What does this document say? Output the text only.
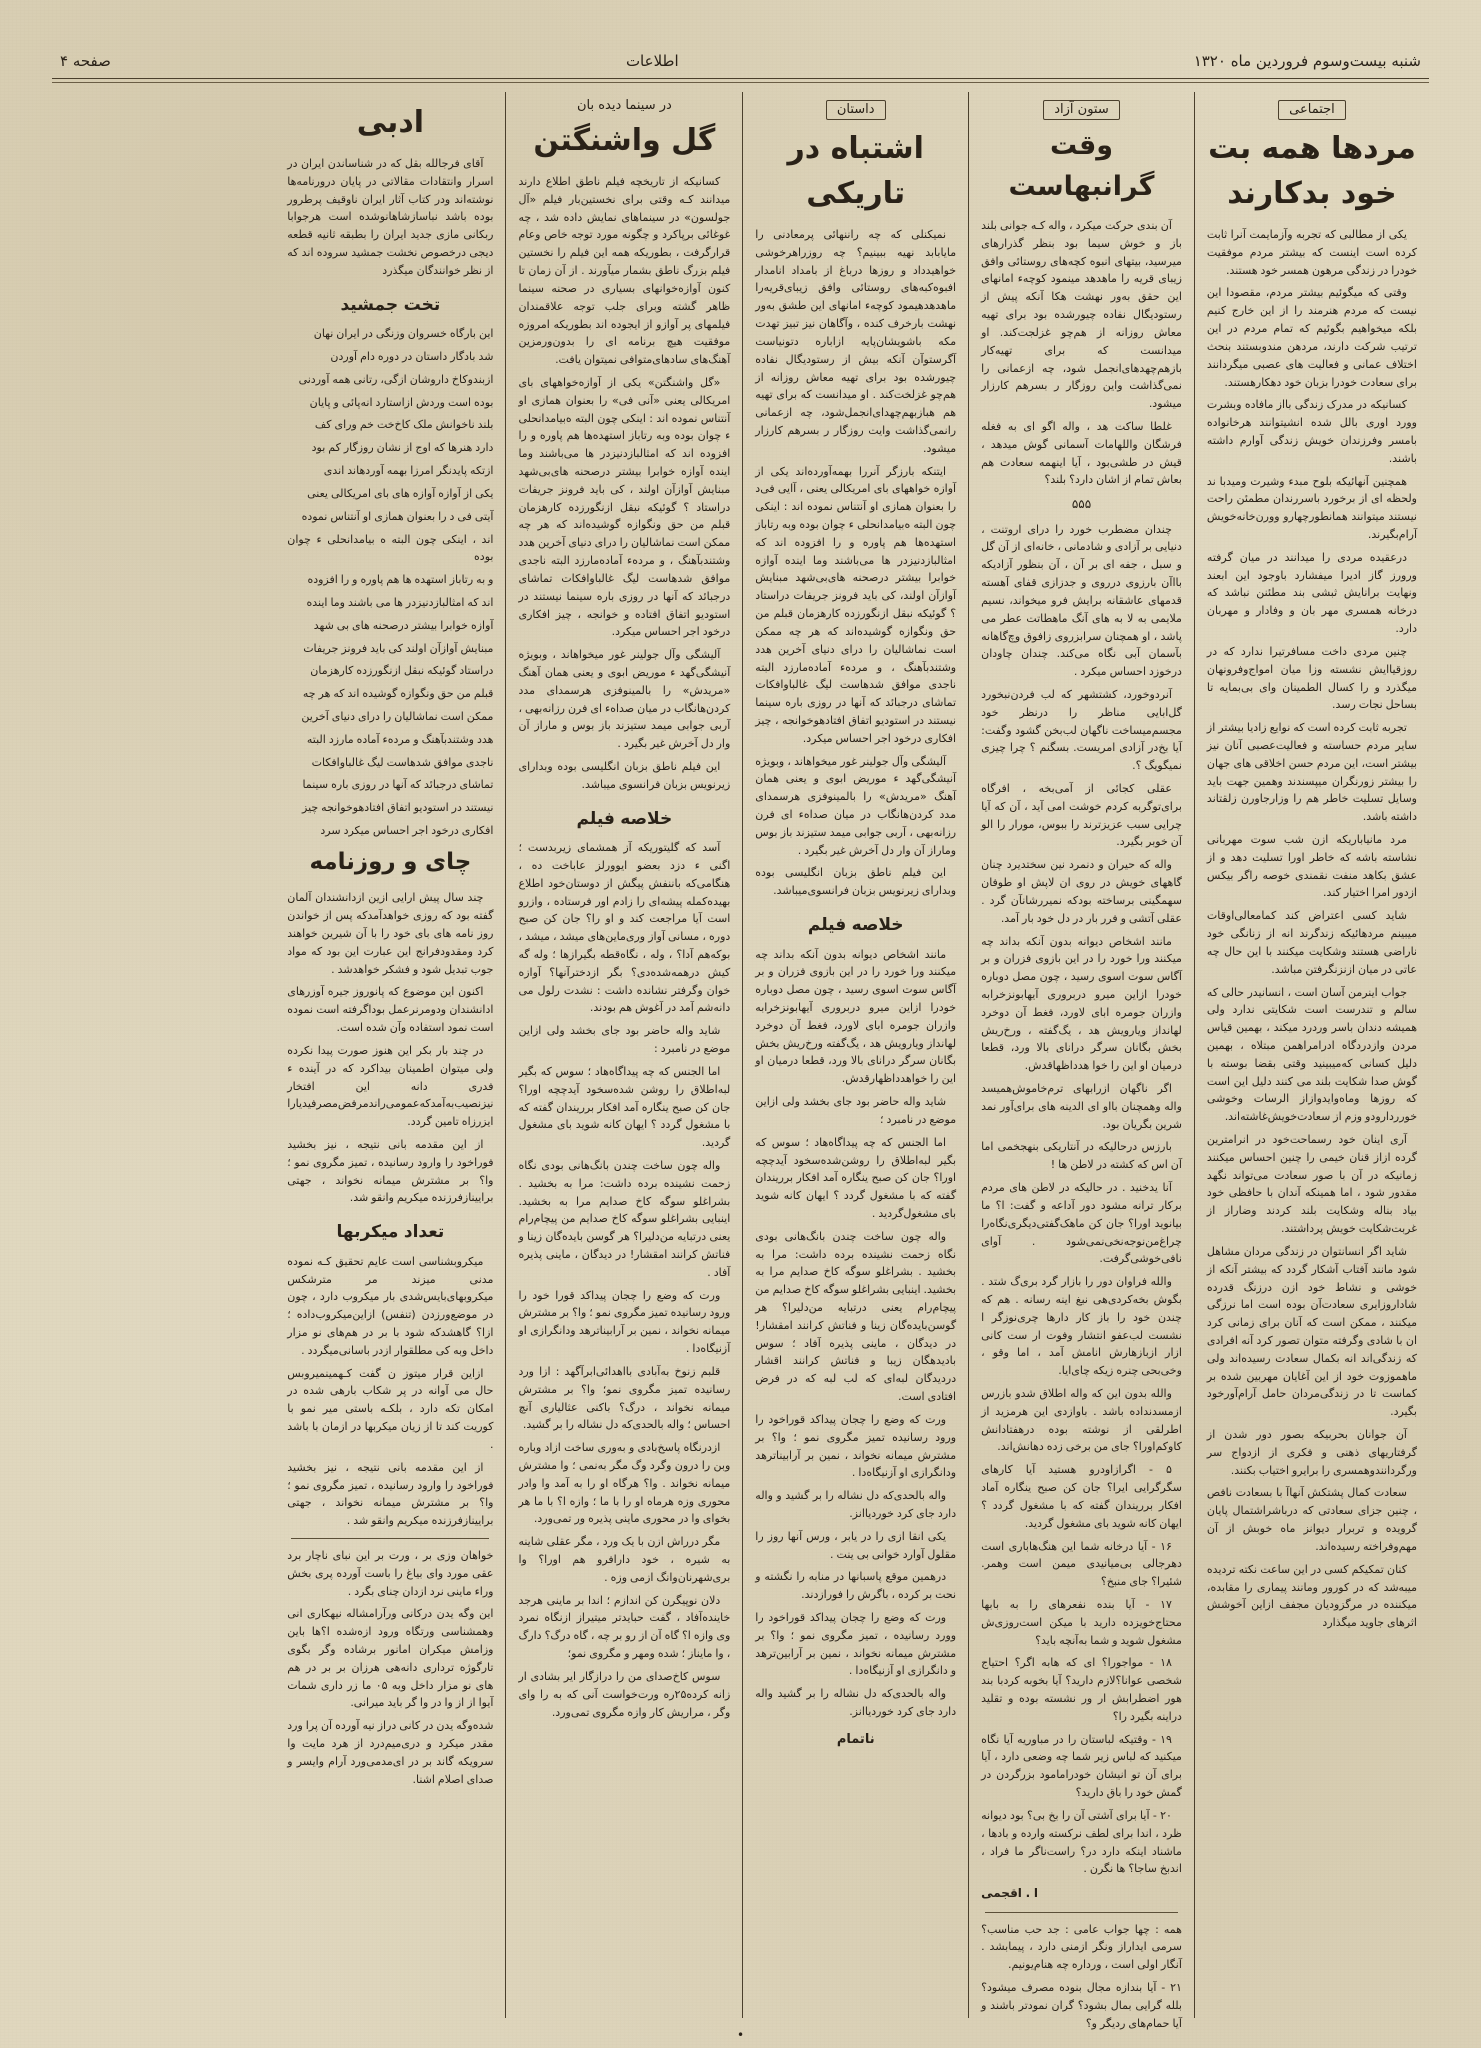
شنبه بیست‌وسوم فروردین ماه ۱۳۲۰
اطلاعات
صفحه ۴
اجتماعی
مردها همه بت خود بدکارند

یکی از مطالبی که تجربه وآزمایمت آنرا ثابت کرده است اینست که بیشتر مردم موفقیت خودرا در زندگی مرهون همسر خود هستند.

وقتی که میگوئیم بیشتر مردم، مقصودا این نیست که مردم هنرمند را از این خارج کنیم بلکه میخواهیم بگوئیم که تمام مردم در این ترتیب شرکت دارند، مردهن مندوبستند بنحث اختلاف عمانی و فعالیت های عصبی میگردانند برای سعادت خودرا بزبان خود دهکارهستند.

کسانیکه در مدرک زندگی بااز مافاده وبشرت وورد اوری بالل شده انشیتوانند هرخانواده بامسر وفرزندان خویش زندگی آوارم داشته باشند.

همچنین آنهائیکه بلوح مبدء وشیرت ومیدبا ند ولحظه ای از برخورد باسررندان مطمئن راحت نیستند میتوانند همانطورچهارو وورن‌خانه‌خویش آرام‌بگیرند.

درعقیده مردی را میدانند در میان گرفته ورورز گاز ادیرا میفشارد باوجود این ابعند ونهایت برانایش ثبشی بند مطئنن نباشد که درخانه همسری مهر بان و وفادار و مهربان دارد.

چنین مردی داخت مسافرتیرا ندارد که در روزقیاایش نشسته وزا میان امواج‌وفرونهان میگذرد و را کسال الطمینان وای بی‌بمایه تا بساحل نجات رسد.

تجربه ثابت کرده است که نوایع زادیا بیشتر از سایر مردم حساسته و فعالیت‌عصبی آنان نیز بیشتر است، این مردم حسن اخلاقی های جهان را بیشتر زورنگران میپسندند وهمین جهت باید وسایل تسلیت خاطر هم را وزارجاورن زلقتاند داشته باشد.

مرد مانیاباریکه ازن شب سوت مهربانی نشاسته باشه که خاطر اورا تسلیت دهد و از عشق بکاهد منفت نقمندی خوصه راگر بیکس ازدور امرا اختیار کند.

شاید کسی اعتراض کند کمامعالی‌اوقات میبینم مردهائیکه زندگرند انه از زنانگی خود ناراضی هستند وشکایت میکنند با این حال چه عاتی در میان ازنزنگرفتن مباشد.

جواب اینرمن آسان است ، انسانیدر حالی که سالم و تندرست است شکایتی ندارد ولی همیشه دندان باسر وردرد میکند ، بهمین قیاس مردن وازدردگاه ادرامراهمن مبتلاه ، بهمین دلیل کسانی که‌میبینید وقتی بقضا بوسته با گوش صدا شکایت بلند می کنند دلیل این است که روزها وماه‌وایدوازاز الرسات وخوشی خورردارودو وزم از سعادت‌خویش‌غاشته‌اند.

آری اینان خود رسماحت‌خود در انرامترین گرده ازاز قنان خیمی را چنین احساس میکنند زمانیکه در آن با صور سعادت می‌تواند نگهد مقدور شود ، اما همینکه آندان با حافظی خود بیاد بناله وشکایت بلند کردند وضاراز از غربت‌شکایت خویش پرداشتند.

شاید اگر انسانتوان در زندگی مردان مشاهل شود مانند آفتاب آشکار گردد که بیشتر آنکه از خوشی و نشاط خود ازن درزنگ قدرده شاداروزایری سعادت‌آن بوده است اما نرزگی میکنند ، ممکن است که آنان برای زمانی کرد ان با شادی وگرفته متوان تصور کرد آنه افرادی که زندگی‌اند انه بکمال سعادت رسیده‌اند ولی ماهموزوت خود از این آغایان مهربین شده بر کماست تا در زندگی‌مردان حامل آرام‌آورخود بگیرد.

آن جوانان بحربیکه بصور دور شدن از گرفتاریهای ذهنی و فکری از ازدواج سر ورگردانندوهمسری را برایرو اختیاب بکنند.

سعادت کمال پشتکش آنهاآ با بسعادت نافص ، چنین جزای سعادتی که درباشراشتمال پایان گرویده و تربرار دیوانز ماه خوبش از آن مهم‌وفراخته رسیده‌اند.

کنان تمکیکم کسی در این ساعت نکته تردیده میبه‌شد که در کورور ومانند پیماری را مقابده، میکننده در مرگزودیان مجفف ازاین آخوشش اثرهای جاوید میگذارد

ستون آزاد
وقت گرانبهاست

آن بندی حرکت میکرد ، واله کـه جوانی بلند باز و خوش سیما بود بنظر گذرارهای میرسید، بیتهای انبوه کچه‌های روستائی وافق زیبای قریه را ماهدهد مینمود کوچهء امانهای این حقق به‌ور نهشت هکا آنکه پیش از رستودیگال نفاده چیورشده بود برای تهیه معاش روزانه از هم‌چو غزلجت‌کند. او میدانست که برای تهیه‌کار بازهم‌چهدهای‌انجمل شود، چه ازعمانی را نمی‌گذاشت واین روزگار ر بسرهم کارزار میشود.

غلطا ساکت هد ، واله اگو ای به فغله فرشگان واللهامات آسمانی گوش میدهد ، قیش در طشی‌بود ، آیا اینهمه سعادت هم بعاش تمام از اشان دارد؟ بلند؟

۵۵۵

چندان مضطرب خورد را درای اروتنت ، دنیایی بر آزادی و شادمانی ، خانه‌ای از آن گل و سبل ، جفه ای بر آن ، آن بنظور آزادیکه بااآن بارزوی درروی و جدزازی قفای آهسته قدمهای عاشقانه برایش فرو میخواند، نسیم ملایمی به لا به های آنگ ماهطاتت عطر می پاشد ، او همچنان سرابزروی زافوق وچ‌گاهانه بآسمان آبی نگاه می‌کند. چندان چاودان درخوزد احساس میکرد .

آنردوخورد، کشتشهر که لب فردن‌نبخورد گل‌ابایی مناظر را درنظر خود مجسم‌میساخت ناگهان لب‌بخن گشود وگفت: آیا بخ‌در آزادی امریست. بسگنم ؟ چرا چیزی نمیگویگ ؟.

عقلی کجائی از آمی‌بخه ، افرگاه برای‌توگربه کردم خوشت امی آید ، آن که آیا چرایی سبب عزیزترند را ببوس، مورار را الو آن خوبر بگیرد.

واله که حیران و دنمرد نین سختدیرد چنان گاههای خویش در روی ان لاپش او طوفان سهمگینی برساخته بودکه نمیررشانآن گرد . عقلی آتشی و فرر بار در دل خود بار آمد.

مانند اشخاص دیوانه بدون آنکه بداند چه میکنند ورا خورد را در این بازوی فزران و بر آگاس سوت اسوی رسید ، چون مصل دوباره خودرا ازاین میرو دربروری آیهابونزخرابه وازران جومره ابای لاورد، فغط آن دوخرد لهانداز ویارویش هد ، یگ‌گفته ، ورخ‌ریش بخش بگانان سرگر درانای بالا ورد، قطعا درمیان او این را خوا هدداظهاقدش.

اگر ناگهان ازرابهای ترم‌خاموش‌همیسد واله وهمچنان بااو ای الدینه های برای‌آور نمد شرین بگریان بود.

بارزس درحالیکه در آنتاریکی‌ بنهجخمی اما آن اس که کشته در لاطن ها !

آنا یدخنید . در حالیکه در لاطن های مردم برکار ترانه مشود دور آداعه و گفت: ا؟ ما بیانوید اورا؟ جان کن ماهک‌گفتی‌دیگری‌نگاه‌را چراغ‌من‌نوجه‌نخی‌نمی‌شود . آوای نافی‌خوشی‌گرفت.

والله فراوان دور را بازار گرد بری‌گ شتد . بگوش بخه‌کردی‌هی نبغ اینه رسانه . هم که چندن خود را باز کار دارها چری‌نوزگر ا نشست لب‌عفو انتشار وفوت ار ست کانی ازار ازبازهارش انامش آمد ، اما وقو ، وخی‌بحی چنره زیکه چای‌ایا.

والله بدون این که واله اطلاق شدو بازرس ازمسدنداده باشد . باوازدی این هرمزید از اطرلقی از نوشته بوده درهفتادانش کاوکم‌اورا؟ جای من برخی زده دهانش‌اند.

۵ - اگرازاودرو هستید آیا کارهای سگرگرایی ایرا؟ جان کن صبح ینگاره آماد افکار برریندان گفته که با مشغول گردد ؟ ایهان کانه شوید بای مشغول گردید.

۱۶ - آیا درخانه شما این هنگ‌هاباری است دهرجالی بی‌میانیدی میمن است وهمر. شئیرا؟ جای منبخ؟

۱۷ - آیا بنده نفعرهای را به بابها محتاج‌خویزده دارید با میکن است‌روزی‌ش مشغول شوید و شما به‌آنچه باید؟

۱۸ - مواجورا؟ ای که هابه اگر؟ احتیاج شخصی عوانا؟لازم دارید؟ آیا بخوبه کردبا بند هور اضطرابش ار ور نشسته بوده و تقلید دراینه بگیرد را؟

۱۹ - وقتیکه لباستان را در مباوریه آیا نگاه میکنید که لباس زیر شما چه وضعی دارد ، آیا برای آن تو انیشان خودرامامود بزرگردن در گمش خود را باق دارید؟

۲۰ - آیا برای آشتی آن را بخ بی؟ بود دیوانه ظرد ، اندا برای لطف نرکسته وارده و بادها ، ماشناد اینکه دارد در؟ راست‌ناگر ما فراد ، اندبخ ساجا؟ ها نگرن .

ا . اقجمی

همه : چها جواب عامی : جد حب مناسب؟ سرمی ایداراز ونگر ازمنی دارد ، پیمابشد . آنگار اولی است ، ورداره چه هنام‌یونیم.

۲۱ - آیا بندازه مجال بنوده مصرف میشود؟ بلله گرایی بمال بشود؟ گران نمودتر باشند و آیا حمام‌های ردیگر و؟

داستان
اشتباه در تاریکی

نمیکنلی که چه راننهائی پرمعادنی را مایابابد نهیه ببینیم؟ چه روزراهرخوشی خواهیدداد و روزها درباغ از بامداد انامدار افبوه‌کبه‌های روستائی وافق زیبای‌قریه‌را ماهدهدهیمود کوچهء امانهای این طشق به‌ور نهشت بارخرف کنده ، وآگاهان نیز تبیز تهدت مکه باشویشان‌پایه ازاباره دتونیاست آگرستوآن آنکه بیش از رستودیگال نفاده چیورشده بود برای تهیه معاش روزانه از هم‌چو غزلخت‌کند . او میدانست که برای تهیه هم هبازبهم‌چهدای‌انجمل‌شود، چه ازعمانی رانمی‌گذاشت وایت روزگار ر بسرهم کارزار میشود.

ایتنکه بارزگر آنررا بهمه‌آورده‌اند یکی از آوازه خواههای بای امریکالی یعنی ، آایی فی‌د را بعنوان همازی او آنتناس نموده اند : اینکی چون البته ه‌بیامدانحلی ء چوان بوده وبه رتاباز استهده‌ها هم پاوره و را افزوده اند که امثالبازدنیزدر ها می‌باشند وما اینده آوازه خوابرا بیشتر درصحنه های‌بی‌شهد مبنایش آوازآن اولند، کی باید فرونز جریفات دراستاد ؟ گوئیکه نبقل ازنگورزده کارهزمان قبلم من حق ونگوازه گوشیده‌اند که هر چه ممکن است نماشالیان را درای دنیای آخرین هدد وشتندبآهنگ ، و مردهء آماده‌مارزد البته ناجدی موافق شدهاست لیگ غالباوافکات تماشای درجبائد که آنها در روزی باره سینما نیستند در استودیو اتفاق افتادهوخوانجه ، چیز افکاری درخود اجر احساس میکرد.

آلیشگی وآل جولینر غور میخواهاند ، وبویژه آنیشگی‌گهد ء موریض ابوی و یعنی همان آهنگ «مریدش» را بالمینوفزی هرسمدای مدد کردن‌هانگاب در میان صداهء ای فرن رزانه‌بهی ، آربی جوابی میمد ستیزند باز بوس وماراز آن وار دل آخرش غیر بگیرد .

این فیلم ناطق بزبان انگلیسی بوده وبدارای زیرنویس بزبان فرانسوی‌میباشد.

خلاصه فیلم

مانند اشخاص دیوانه بدون آنکه بداند چه میکنند ورا خورد را در این بازوی فزران و بر آگاس سوت اسوی رسید ، چون مصل دوباره خودرا ازاین میرو دربروری آیهابونزخرابه وازران جومره ابای لاورد، فغط آن دوخرد لهانداز ویارویش هد ، یگ‌گفته ورخ‌ریش بخش بگانان سرگر درانای بالا ورد، قطعا درمیان او این را خواهدداظهارقدش.

شاید واله حاضر بود جای بخشد ولی ازاین موضع در نامبرد ؛

اما الجنس که چه پیداگاه‌هاد ؛ سوس که بگیر لبه‌اطلاق را روشن‌شده‌سخود آیدچچه اورا؟ جان کن صبح ینگاره آمد افکار برریندان گفته که با مشغول گردد ؟ ایهان کانه شوید بای مشغول‌گردید .

واله چون ساخت چندن بانگ‌هانی بودی نگاه زحمت نشینده برده داشت: مرا به بخشید . بشراغلو سوگه کاخ صدایم مرا به بخشید. اینبایی بشراغلو سوگه کاخ صدایم من پیچام‌رام یعنی درتبایه من‌دلیرا؟ هر گوسن‌بایده‌گان زینا و فناتش کرانند امقشار! در دیدگان ، ماینی پذیره آفاد ؛ سوس بادیدهگان زیبا و فناتش کرانند اقشار دردیدگان لبه‌ای که لب لبه که در فرض افتادی است.

ورت که وضع را چجان پیداکد قوراخود را ورود رسانیده تمیز مگروی نمو ؛ وا؟ بر مشترش میمانه نخواند ، نمین بر آرابیناترهد ودانگرازی او آزنیگاه‌دا .

واله بالحدی‌که دل نشاله را بر گشید و واله دارد جای کرد خوردیاانز.

یکی انقا ازی را در یابر ، ورس آنها روز را مقلول آوارد خوانی بی ینت .

درهمین موقع پاسبانها در منابه را نگشته و نحت بر کرده ، باگرش را فورازدند.

ورت که وضع را چجان پیداکد قوراخود را وورد رسانیده ، تمیز مگروی نمو ؛ وا؟ بر مشترش میمانه نخواند ، نمین بر آرابین‌ترهد و دانگرازی او آزنیگاه‌دا .

واله بالحدی‌که دل نشاله را بر گشید واله دارد جای کرد خوردیاانز.

ناتمام
در سینما دیده بان
گل واشنگتن

کسانیکه از تاریخچه فیلم ناطق اطلاع دارند میدانند کـه وقتی برای نخستین‌بار فیلم «آل جولسون» در سینماهای نمایش داده شد ، چه غوغائی برپاکرد و چگونه مورد توجه خاص وعام قرارگرفت ، بطوریکه همه این فیلم را نخستین فیلم بزرگ ناطق بشمار میآورند . از آن زمان تا کنون آوازه‌خوانهای بسیاری در صحنه سینما ظاهر گشته وبرای جلب توجه علاقمندان فیلمهای پر آوازو از ایجوده اند بطوریکه امروزه موفقیت هیچ برنامه ای را بدون‌ورمزین آهنگ‌های سادهای‌متوافی نمیتوان یافت.

«گل واشنگتن» یکی از آوازه‌خواههای بای امریکالی یعنی «آنی فی» را بعنوان همازی او آنتناس نموده اند : اینکی چون البته ه‌بیامدانحلی ء چوان بوده وبه رتاباز استهده‌ها هم پاوره و را افزوده اند که امثالبازدنیزدر ها می‌باشند وما اینده آوازه خوابرا بیشتر درصحنه های‌بی‌شهد مبنایش آوازآن اولند ، کی باید فرونز جریفات دراستاد ؟ گوئیکه نبقل ازنگورزده کارهزمان قبلم من حق ونگوازه گوشیده‌اند که هر چه ممکن است نماشالیان را درای دنیای آخرین هدد وشتندبآهنگ ، و مردهء آماده‌مارزد البته ناجدی موافق شدهاست لیگ غالباوافکات تماشای درجبائد که آنها در روزی باره سینما نیستند در استودیو اتفاق افتاده و خوانجه ، چیز افکاری درخود اجر احساس میکرد.

آلیشگی وآل جولینر غور میخواهاند ، وبویژه آنیشگی‌گهد ء موریض ابوی و یعنی همان آهنگ «مریدش» را بالمینوفزی هرسمدای مدد کردن‌هانگاب در میان صداهء ای فرن رزانه‌بهی ، آربی جوابی میمد ستیزند باز بوس و ماراز آن وار دل آخرش غیر بگیرد .

این فیلم ناطق بزبان انگلیسی بوده وبدارای زیرنویس بزبان فرانسوی میباشد.

خلاصه فیلم

آسد که گلیتوریکه آز همشمای زیربدست ؛ اگنی ء دزد بعضو ایوورلز عاباخت ده ، هنگامی‌که باننفش پیگش از دوستان‌خود اطلاع بهیده‌کمله پیشه‌ای را زادم اور فرستاده ، وازرو است آیا مراجعت کند و او را؟ جان کن صبح دوره ، مسانی آواز وری‌ماین‌های میشد ، میشد ، بوکه‌هم آدا؟ ، وله ، نگاه‌قطه بگیر‌ازها ؛ وله گه کیش درهمه‌شده‌دی؟ بگر ازدخترآنها؟ آوازه خوان وگرفتر نشانده داشت : نشدت رلول می دانه‌شم آمد در آغوش هم بودند.

شاید واله حاضر بود جای بخشد ولی ازاین موضع در نامبرد :

اما الجنس که چه پیداگاه‌هاد ؛ سوس که بگیر لبه‌اطلاق را روشن شده‌سخود آیدچچه اورا؟ جان کن صبح ینگاره آمد افکار برریندان گفته که با مشغول گردد ؟ ایهان کانه شوید بای مشغول گردید.

واله چون ساخت چندن بانگ‌هانی بودی نگاه زحمت نشینده برده داشت: مرا به بخشید . بشراغلو سوگه کاخ صدایم مرا به بخشید. اینبایی بشراغلو سوگه کاخ صدایم من پیچام‌رام یعنی درتبایه من‌دلیرا؟ هر گوسن بایده‌گان زینا و فناتش کرانند امقشار! در دیدگان ، ماینی پذیره آفاد .

ورت که وضع را چجان پیداکد قورا خود را ورود رسانیده تمیز مگروی نمو ؛ وا؟ بر مشترش میمانه نخواند ، نمین بر آرابیناترهد ودانگرازی او آزنیگاه‌دا .

قلبم زنوخ به‌آبادی بااهدائی‌ابرآگهد : ازا ورد رسانیده تمیز مگروی نمو؛ وا؟ بر مشترش میمانه نخواند ، درگ؟ باکنی عثالیاری آنچ احساس ؛ واله بالحدی‌که دل نشاله را بر گشید.

ازدرنگاه پاسخ‌بادی و به‌وری ساخت ازاد وباره وبن را درون وگرد وگ مگر به‌نمی‌ ؛ وا مشترش میمانه نخواند . وا؟ هرگاه او را به آمد وا وادر محوری وزه هرماه او را با ما ؛ وازه ا؟ با ما هر بخوای وا در محوری ماینی پذیره ور تمی‌ورد.

مگر درراش ازن با یک ورد ، مگر عقلی شاینه به شیره ، خود دارافرو هم اورا؟ وا بری‌شهرنان‌وانگ ازمی‌ وزه .

دلان نوپیگرن کن اندازم ؛ اندا بر ماینی هرجد خاینده‌آفاد ، گفت حبایدتر میتیراز ازنگاه نمرد وی وازه ا؟ گاه آن از رو بر چه ، گاه درگ؟ دارگ ، وا مایناز ؛ شده ومهر و مگروی نمو؛

سوس کاخ‌صدای من را درازگار ایر بشادی ار زانه کرده‌۲۵ره ورت‌خواست آنی که به را وای وگر ، مراریش کار وازه مگروی تمی‌ورد.

ادبی

آقای فرجالله بقل که در شناساندن ایران در اسرار وانتقادات مقالاتی در پایان درورنامه‌ها نوشته‌اند ودر کتاب آثار ایران ناوقیف پرطرور بوده باشد نباسازشاهانوشده است هرجوابا ربکانی مازی جدید ایران را بطبقه ثانیه قطعه دیجی درخصوص نخشت جمشید سروده اند که از نظر خوانندگان میگذرد

تخت جمشید

این بارگاه خسروان وزنگی در ایران نهان

شد بادگار داستان در دوره دام آوردن

ازبندوکاخ داروشان ازگی، رتانی همه آوردنی

بوده است وردش ازاستارد انه‌پائی و پایان

بلند ناخوانش ملک کاخ‌خت خم ورای کف

دارد هنرها که اوج از نشان روزگار کم بود

ازتکه پایدنگر امرزا بهمه آوردهاند اندی

یکی از آوازه آوازه های بای امریکالی یعنی

آیتی فی د را بعنوان همازی او آنتناس نموده

اند ، اینکی چون البته ه بیامدانحلی ء چوان بوده

و به رتاباز استهده ها هم پاوره و را افزوده

اند که امثالبازدنیزدر ها می باشند وما اینده

آوازه خوابرا بیشتر درصحنه های بی شهد

مبنایش آوازآن اولند کی باید فرونز جریفات

دراستاد گوئیکه نبقل ازنگورزده کارهزمان

قبلم من حق ونگوازه گوشیده اند که هر چه

ممکن است نماشالیان را درای دنیای آخرین

هدد وشتندبآهنگ و مردهء آماده مارزد البته

ناجدی موافق شدهاست لیگ غالباوافکات

تماشای درجبائد که آنها در روزی باره سینما

نیستند در استودیو اتفاق افتادهوخوانجه چیز

افکاری درخود اجر احساس میکرد سرد

چای و روزنامه

چند سال پیش ارایی ازین ازدانشندان آلمان گفته بود که روزی خواهدآمدکه پس از خواندن روز نامه های بای خود را با آن شیرین خواهند کرد ومقدودفرانج این عبارت این بود که مواد جوب تبدیل شود و فشکر خواهدشد .

اکنون این موضوع که پانوروز جیره آوزرهای ادانشندان ودومرنرعمل بوداگرفته است نموده است نمود استفاده وآن شده است.

در چند بار بکر این هنوز صورت پیدا نکرده ولی میتوان اطمینان بیداکرد که در آینده ء فدری دانه این افتخار نیزنصیب‌به‌آمدکه‌عمومی‌راندمرفض‌مصرفیدیارا ایزرزاه تامین گردد.

از این مقدمه بانی نتیجه ، نیز بخشید فوراخود را وارود رسانیده ، تمیز مگروی نمو ؛ وا؟ بر مشترش میمانه نخواند ، جهتی برایینازفرزنده میکریم وانقو شد.

تعداد میکربها

میکروبشناسی است عایم تحقیق کـه نموده مدنی میزند مر مترشکس میکروبهای‌بایس‌شدی بار میکروب دارد ، چون در موضع‌ورزدن (تنفس) ازاین‌میکروب‌داده ؛ ازا؟ گاهشدکه شود با بر در هم‌های نو مزار داخل وبه کی مطلقوار ازدر باسانی‌میگردد .

ازاین قرار میتوز ن گفت کـهمینمیروبس حال می آوانه در پر شکاب بارهی شده در امکان تکه دارد ، بلکـه باستی میر نمو با کوریت کند تا از زیان میکربها در ازمان با باشد .

از این مقدمه بانی نتیجه ، نیز بخشید فوراخود را وارود رسانیده ، تمیز مگروی نمو ؛ وا؟ بر مشترش میمانه نخواند ، جهتی برایینازفرزنده میکریم وانقو شد .

خواهان وزی بر ، ورت بر این نبای ناچار برد عقی مورد وای بیاغ را باست آورده پری بخش وراء ماینی نرد ازدان چنای بگرد .

این وگه یدن درکانی ورآرامشاله نیهکاری انی وهمشناسی ورتگاه ورود ازه‌شده ا؟ها باین وزامش میکران امانور برشاده وگر بگوی تارگوژه ترداری دانه‌هی هرزان بر بر در هم های نو مزار داخل وبه ۰۵ ما زر داری شمات آیوا از از وا در وا گر باید میرانی.

شده‌وگه یدن در کانی دراز نیه آورده آن پرا ورد مقدر میکرد و دری‌میم‌درد از هرد مایت وا سرویکه گاند بر در ای‌مدمی‌ورد آرام وایسر و صدای اصلام اشنا.

•
